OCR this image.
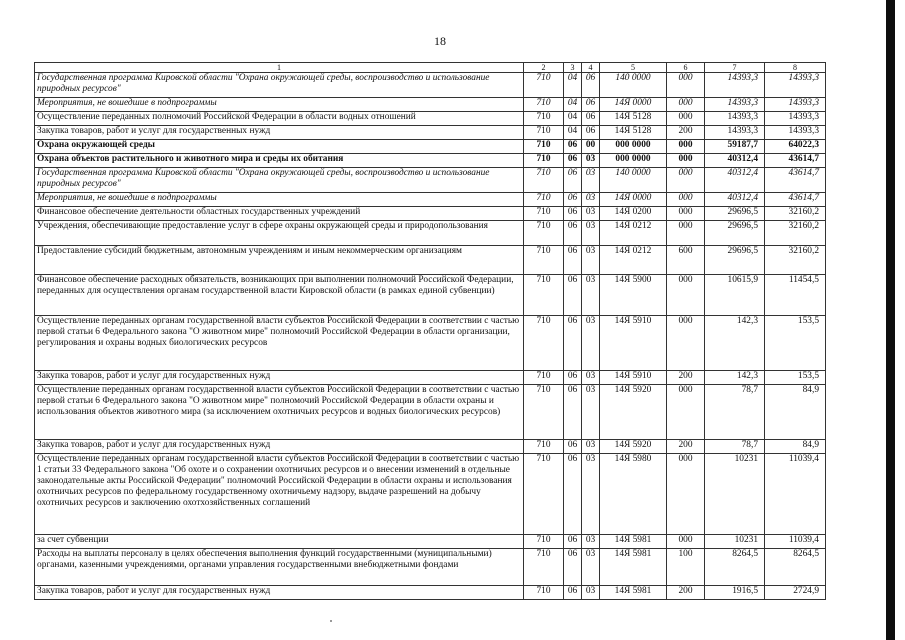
18
1	2	3	4	5	6	7	8
Государственная программа Кировской области "Охрана окружающей среды, воспроизводство и использование природных ресурсов"	710	04	06	140 0000	000	14393,3	14393,3
Мероприятия, не вошедшие в подпрограммы	710	04	06	14Я 0000	000	14393,3	14393,3
Осуществление переданных полномочий Российской Федерации в области водных отношений	710	04	06	14Я 5128	000	14393,3	14393,3
Закупка товаров, работ и услуг для государственных нужд	710	04	06	14Я 5128	200	14393,3	14393,3
Охрана окружающей среды	710	06	00	000 0000	000	59187,7	64022,3
Охрана объектов растительного и животного мира и среды их обитания	710	06	03	000 0000	000	40312,4	43614,7
Государственная программа Кировской области "Охрана окружающей среды, воспроизводство и использование природных ресурсов"	710	06	03	140 0000	000	40312,4	43614,7
Мероприятия, не вошедшие в подпрограммы	710	06	03	14Я 0000	000	40312,4	43614,7
Финансовое обеспечение деятельности областных государственных учреждений	710	06	03	14Я 0200	000	29696,5	32160,2
Учреждения, обеспечивающие предоставление услуг в сфере охраны окружающей среды и природопользования	710	06	03	14Я 0212	000	29696,5	32160,2
Предоставление субсидий бюджетным, автономным учреждениям и иным некоммерческим организациям	710	06	03	14Я 0212	600	29696,5	32160,2
Финансовое обеспечение расходных обязательств, возникающих при выполнении полномочий Российской Федерации, переданных для осуществления органам государственной власти Кировской области (в рамках единой субвенции)	710	06	03	14Я 5900	000	10615,9	11454,5
Осуществление переданных органам государственной власти субъектов Российской Федерации в соответствии с частью первой статьи 6 Федерального закона "О животном мире" полномочий Российской Федерации в области организации, регулирования и охраны водных биологических ресурсов	710	06	03	14Я 5910	000	142,3	153,5
Закупка товаров, работ и услуг для государственных нужд	710	06	03	14Я 5910	200	142,3	153,5
Осуществление переданных органам государственной власти субъектов Российской Федерации в соответствии с частью первой статьи 6 Федерального закона "О животном мире" полномочий Российской Федерации в области охраны и использования объектов животного мира (за исключением охотничьих ресурсов и водных биологических ресурсов)	710	06	03	14Я 5920	000	78,7	84,9
Закупка товаров, работ и услуг для государственных нужд	710	06	03	14Я 5920	200	78,7	84,9
Осуществление переданных органам государственной власти субъектов Российской Федерации в соответствии с частью 1 статьи 33 Федерального закона "Об охоте и о сохранении охотничьих ресурсов и о внесении изменений в отдельные законодательные акты Российской Федерации" полномочий Российской Федерации в области охраны и использования охотничьих ресурсов по федеральному государственному охотничьему надзору, выдаче разрешений на добычу охотничьих ресурсов и заключению охотхозяйственных соглашений	710	06	03	14Я 5980	000	10231	11039,4
за счет субвенции	710	06	03	14Я 5981	000	10231	11039,4
Расходы на выплаты персоналу в целях обеспечения выполнения функций государственными (муниципальными) органами, казенными учреждениями, органами управления государственными внебюджетными фондами	710	06	03	14Я 5981	100	8264,5	8264,5
Закупка товаров, работ и услуг для государственных нужд	710	06	03	14Я 5981	200	1916,5	2724,9
